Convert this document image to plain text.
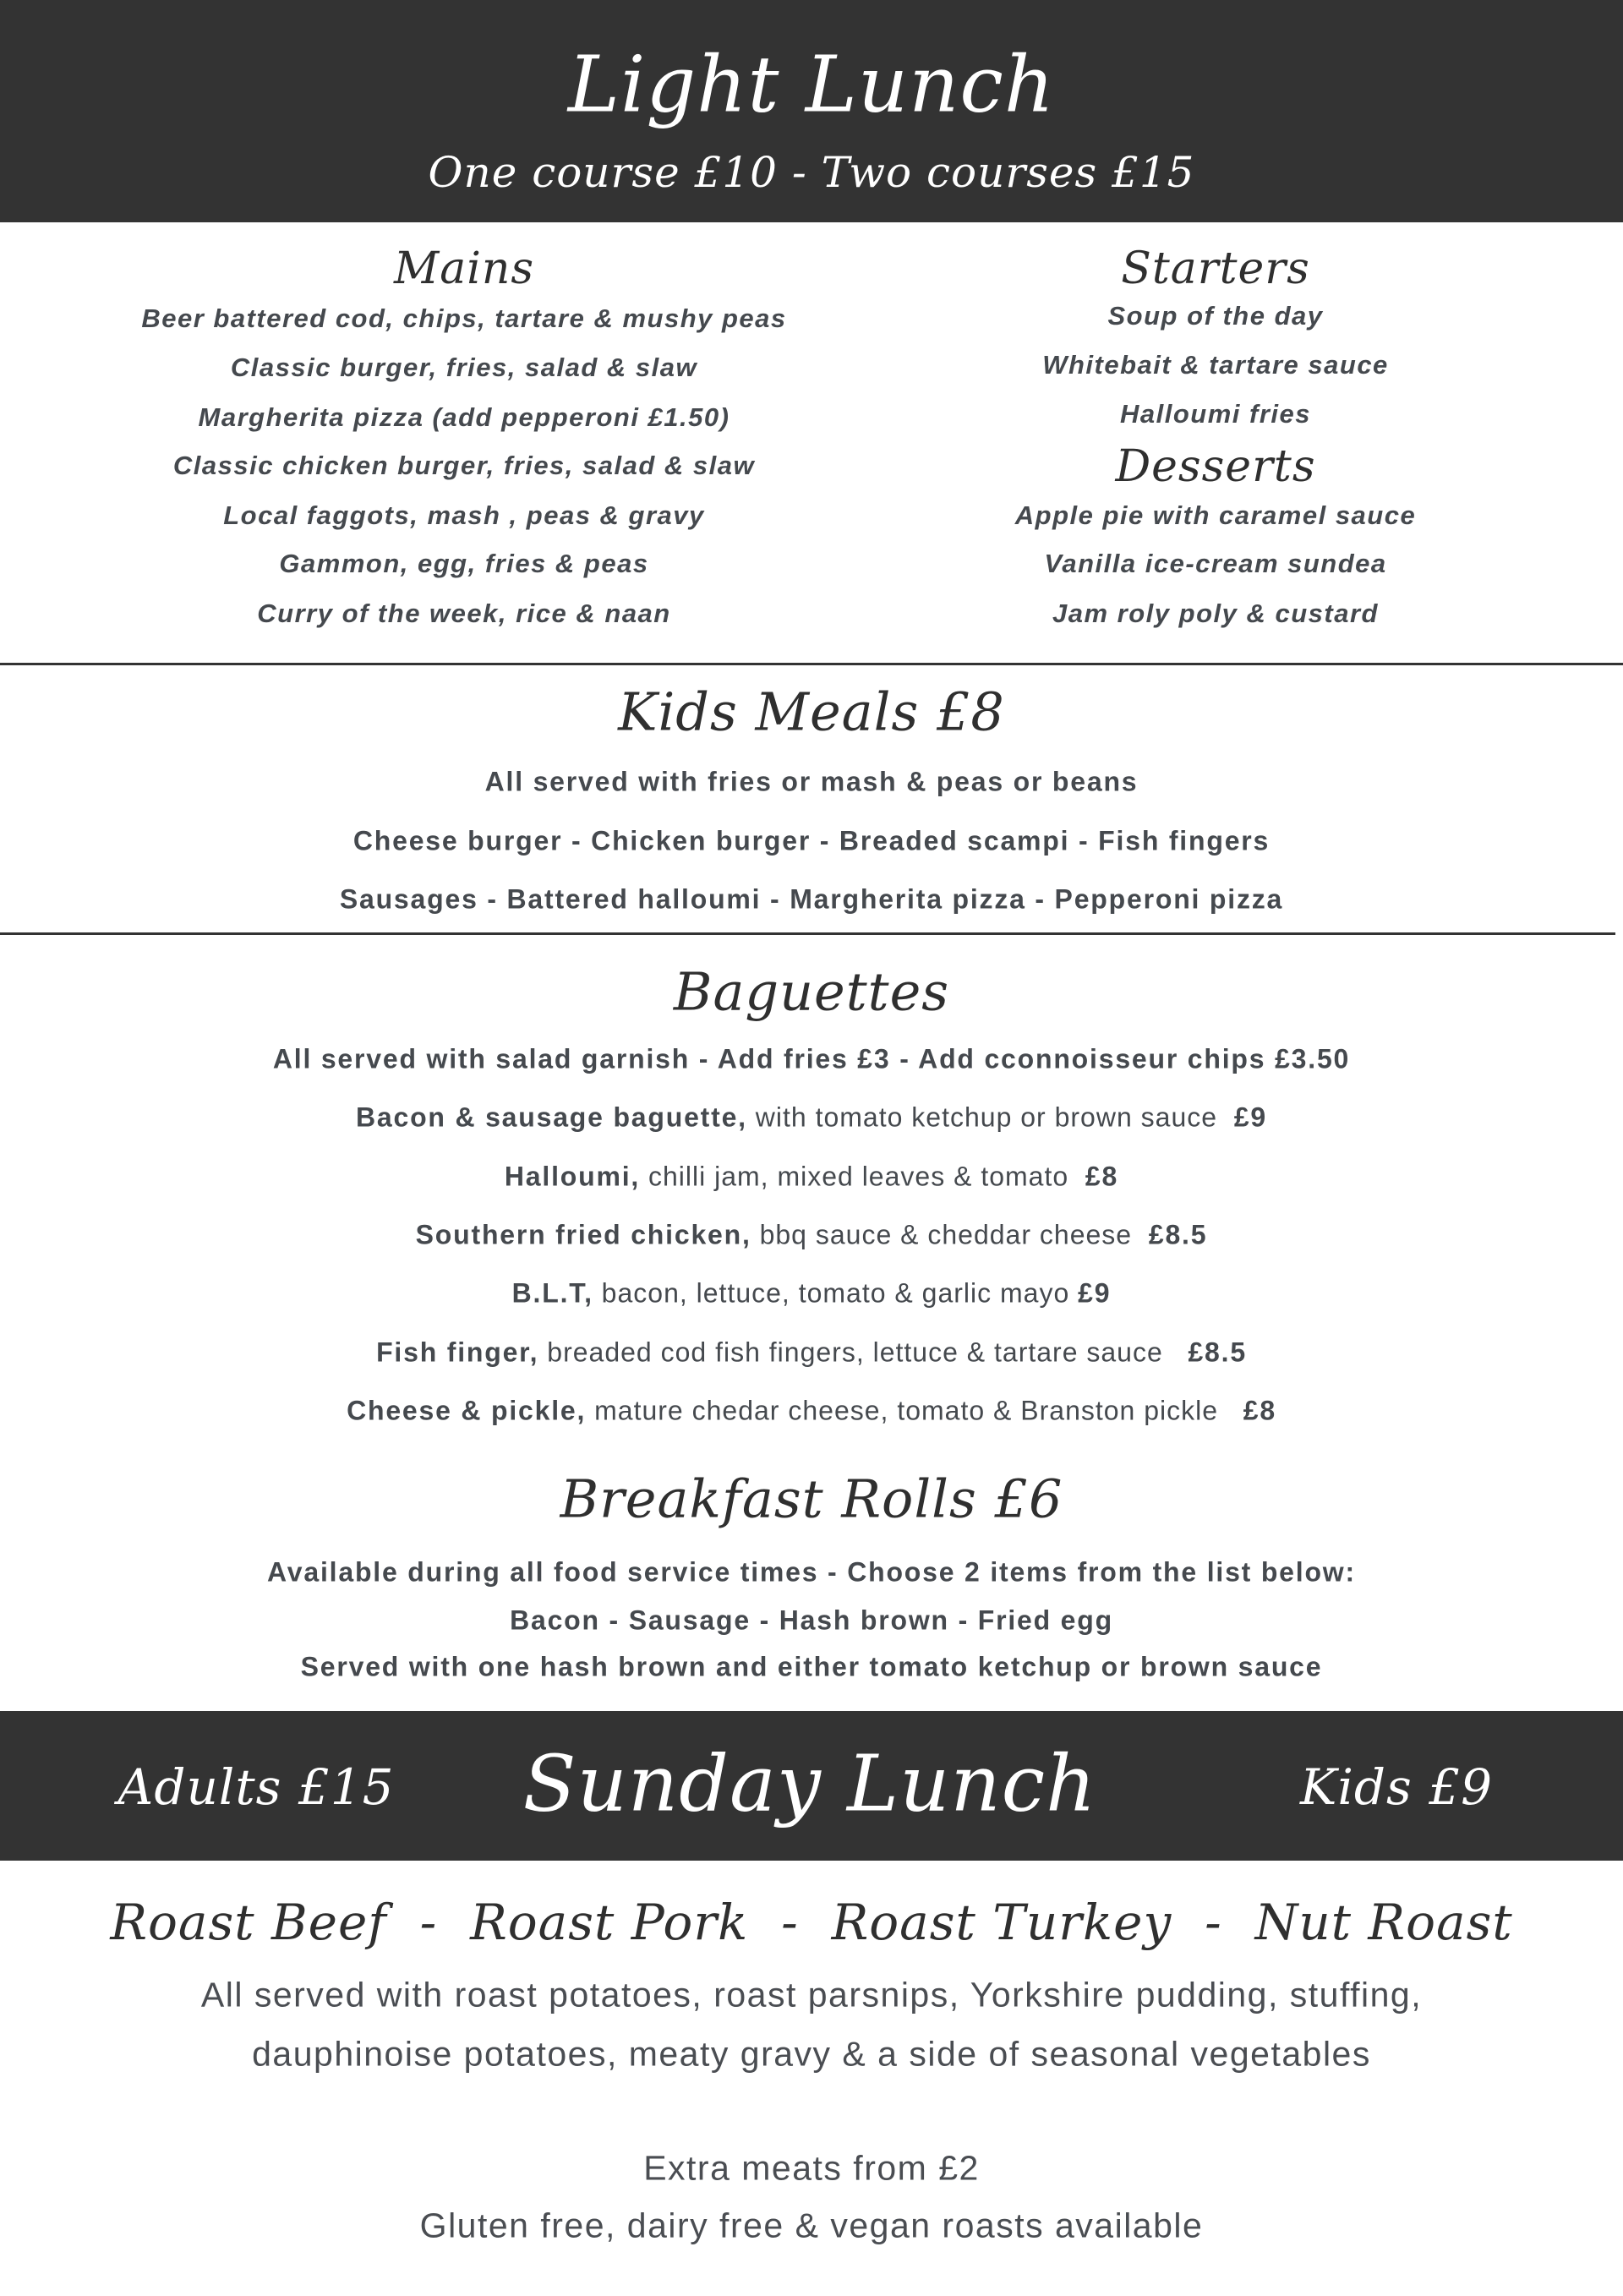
Light Lunch
One course £10 - Two courses £15
Mains
Beer battered cod, chips, tartare & mushy peas
Classic burger, fries, salad & slaw
Margherita pizza (add pepperoni £1.50)
Classic chicken burger, fries, salad & slaw
Local faggots, mash , peas & gravy
Gammon, egg, fries & peas
Curry of the week, rice & naan
Starters
Soup of the day
Whitebait & tartare sauce
Halloumi fries
Desserts
Apple pie with caramel sauce
Vanilla ice-cream sundea
Jam roly poly & custard
Kids Meals £8
All served with fries or mash & peas or beans
Cheese burger - Chicken burger - Breaded scampi - Fish fingers
Sausages - Battered halloumi - Margherita pizza - Pepperoni pizza
Baguettes
All served with salad garnish - Add fries £3 - Add cconnoisseur chips £3.50
Bacon & sausage baguette, with tomato ketchup or brown sauce  £9
Halloumi, chilli jam, mixed leaves & tomato  £8
Southern fried chicken, bbq sauce & cheddar cheese  £8.5
B.L.T, bacon, lettuce, tomato & garlic mayo £9
Fish finger, breaded cod fish fingers, lettuce & tartare sauce   £8.5
Cheese & pickle, mature chedar cheese, tomato & Branston pickle   £8
Breakfast Rolls £6
Available during all food service times - Choose 2 items from the list below:
Bacon - Sausage - Hash brown - Fried egg
Served with one hash brown and either tomato ketchup or brown sauce
Adults £15 Sunday Lunch	Kids £9
Roast Beef  -  Roast Pork  -  Roast Turkey  -  Nut Roast
All served with roast potatoes, roast parsnips, Yorkshire pudding, stuffing,
dauphinoise potatoes, meaty gravy & a side of seasonal vegetables
Extra meats from £2
Gluten free, dairy free & vegan roasts available
